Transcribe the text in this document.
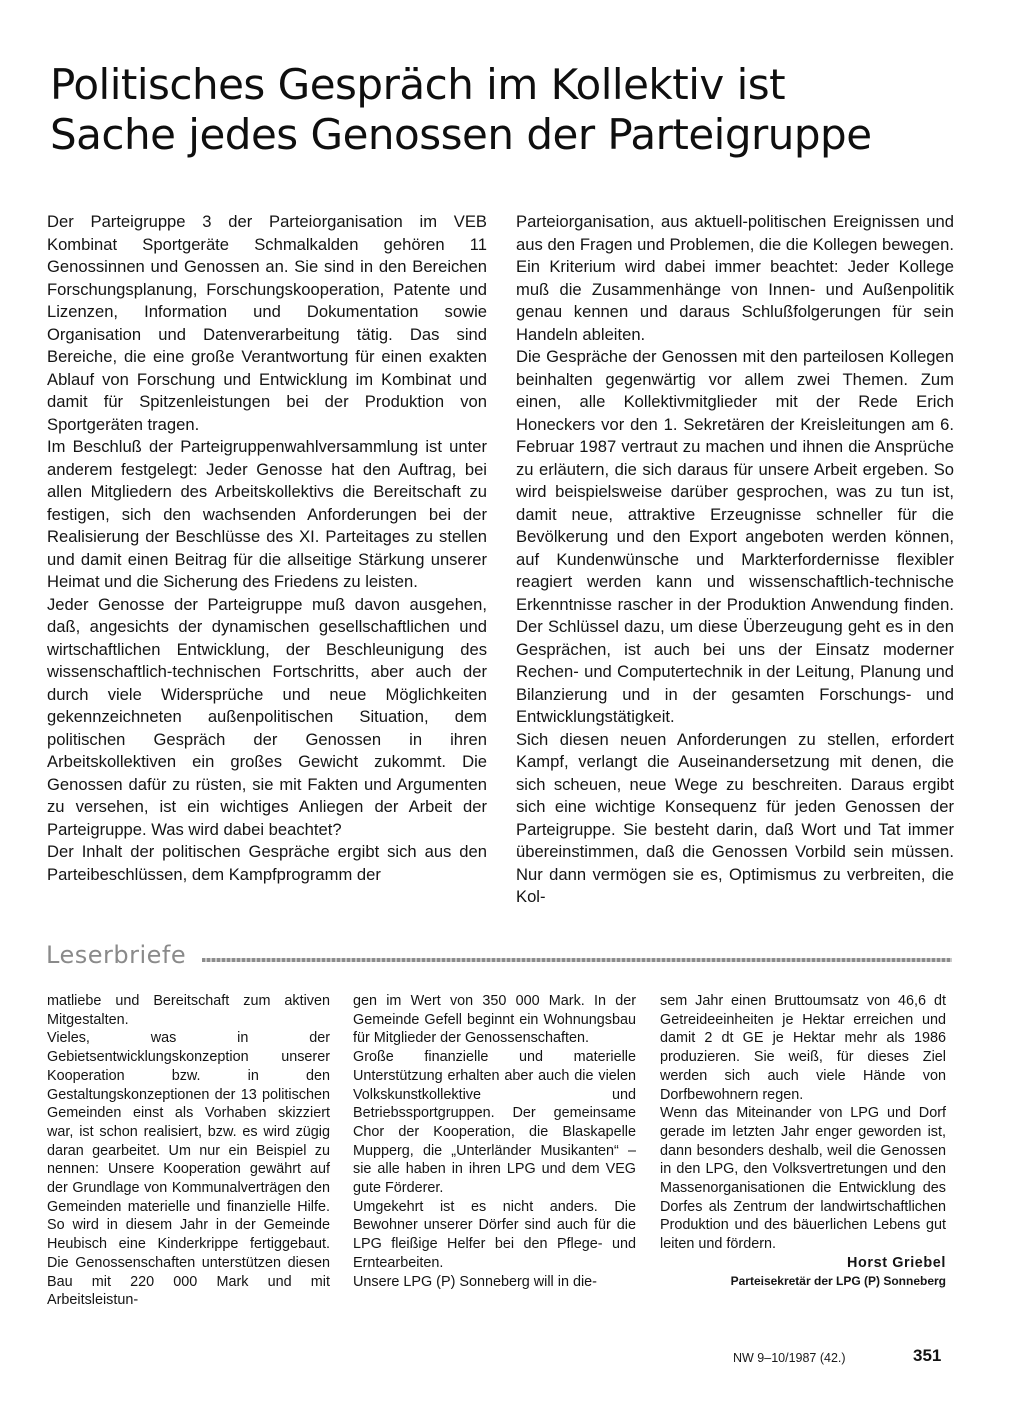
Politisches Gespräch im Kollektiv ist
Sache jedes Genossen der Parteigruppe

Der Parteigruppe 3 der Parteiorganisation im VEB Kombinat Sportgeräte Schmalkalden gehören 11 Genossinnen und Genossen an. Sie sind in den Bereichen Forschungsplanung, Forschungskooperation, Patente und Lizenzen, Information und Dokumentation sowie Organisation und Datenverarbeitung tätig. Das sind Bereiche, die eine große Verantwortung für einen exakten Ablauf von Forschung und Entwicklung im Kombinat und damit für Spitzenleistungen bei der Produktion von Sportgeräten tragen.

Im Beschluß der Parteigruppenwahlversammlung ist unter anderem festgelegt: Jeder Genosse hat den Auftrag, bei allen Mitgliedern des Arbeitskollektivs die Bereitschaft zu festigen, sich den wachsenden Anforderungen bei der Realisierung der Beschlüsse des XI. Parteitages zu stellen und damit einen Beitrag für die allseitige Stärkung unserer Heimat und die Sicherung des Friedens zu leisten.

Jeder Genosse der Parteigruppe muß davon ausgehen, daß, angesichts der dynamischen gesellschaftlichen und wirtschaftlichen Entwicklung, der Beschleunigung des wissenschaftlich-technischen Fortschritts, aber auch der durch viele Widersprüche und neue Möglichkeiten gekennzeichneten außenpolitischen Situation, dem politischen Gespräch der Genossen in ihren Arbeitskollektiven ein großes Gewicht zukommt. Die Genossen dafür zu rüsten, sie mit Fakten und Argumenten zu versehen, ist ein wichtiges Anliegen der Arbeit der Parteigruppe. Was wird dabei beachtet?

Der Inhalt der politischen Gespräche ergibt sich aus den Parteibeschlüssen, dem Kampfprogramm der

Parteiorganisation, aus aktuell-politischen Ereignissen und aus den Fragen und Problemen, die die Kollegen bewegen. Ein Kriterium wird dabei immer beachtet: Jeder Kollege muß die Zusammenhänge von Innen- und Außenpolitik genau kennen und daraus Schlußfolgerungen für sein Handeln ableiten.

Die Gespräche der Genossen mit den parteilosen Kollegen beinhalten gegenwärtig vor allem zwei Themen. Zum einen, alle Kollektivmitglieder mit der Rede Erich Honeckers vor den 1. Sekretären der Kreisleitungen am 6. Februar 1987 vertraut zu machen und ihnen die Ansprüche zu erläutern, die sich daraus für unsere Arbeit ergeben. So wird beispielsweise darüber gesprochen, was zu tun ist, damit neue, attraktive Erzeugnisse schneller für die Bevölkerung und den Export angeboten werden können, auf Kundenwünsche und Markterfordernisse flexibler reagiert werden kann und wissenschaftlich-technische Erkenntnisse rascher in der Produktion Anwendung finden. Der Schlüssel dazu, um diese Überzeugung geht es in den Gesprächen, ist auch bei uns der Einsatz moderner Rechen- und Computertechnik in der Leitung, Planung und Bilanzierung und in der gesamten Forschungs- und Entwicklungstätigkeit.

Sich diesen neuen Anforderungen zu stellen, erfordert Kampf, verlangt die Auseinandersetzung mit denen, die sich scheuen, neue Wege zu beschreiten. Daraus ergibt sich eine wichtige Konsequenz für jeden Genossen der Parteigruppe. Sie besteht darin, daß Wort und Tat immer übereinstimmen, daß die Genossen Vorbild sein müssen. Nur dann vermögen sie es, Optimismus zu verbreiten, die Kol-

Leserbriefe

matliebe und Bereitschaft zum aktiven Mitgestalten.

Vieles, was in der Gebietsentwicklungskonzeption unserer Kooperation bzw. in den Gestaltungskonzeptionen der 13 politischen Gemeinden einst als Vorhaben skizziert war, ist schon realisiert, bzw. es wird zügig daran gearbeitet. Um nur ein Beispiel zu nennen: Unsere Kooperation gewährt auf der Grundlage von Kommunalverträgen den Gemeinden materielle und finanzielle Hilfe. So wird in diesem Jahr in der Gemeinde Heubisch eine Kinderkrippe fertiggebaut. Die Genossenschaften unterstützen diesen Bau mit 220 000 Mark und mit Arbeitsleistun-

gen im Wert von 350 000 Mark. In der Gemeinde Gefell beginnt ein Wohnungsbau für Mitglieder der Genossenschaften.

Große finanzielle und materielle Unterstützung erhalten aber auch die vielen Volkskunstkollektive und Betriebssportgruppen. Der gemeinsame Chor der Kooperation, die Blaskapelle Mupperg, die „Unterländer Musikanten“ – sie alle haben in ihren LPG und dem VEG gute Förderer.

Umgekehrt ist es nicht anders. Die Bewohner unserer Dörfer sind auch für die LPG fleißige Helfer bei den Pflege- und Erntearbeiten.

Unsere LPG (P) Sonneberg will in die-

sem Jahr einen Bruttoumsatz von 46,6 dt Getreideeinheiten je Hektar erreichen und damit 2 dt GE je Hektar mehr als 1986 produzieren. Sie weiß, für dieses Ziel werden sich auch viele Hände von Dorfbewohnern regen.

Wenn das Miteinander von LPG und Dorf gerade im letzten Jahr enger geworden ist, dann besonders deshalb, weil die Genossen in den LPG, den Volksvertretungen und den Massenorganisationen die Entwicklung des Dorfes als Zentrum der landwirtschaftlichen Produktion und des bäuerlichen Lebens gut leiten und fördern.

Horst Griebel

Parteisekretär der LPG (P) Sonneberg

NW 9–10/1987 (42.)	351
